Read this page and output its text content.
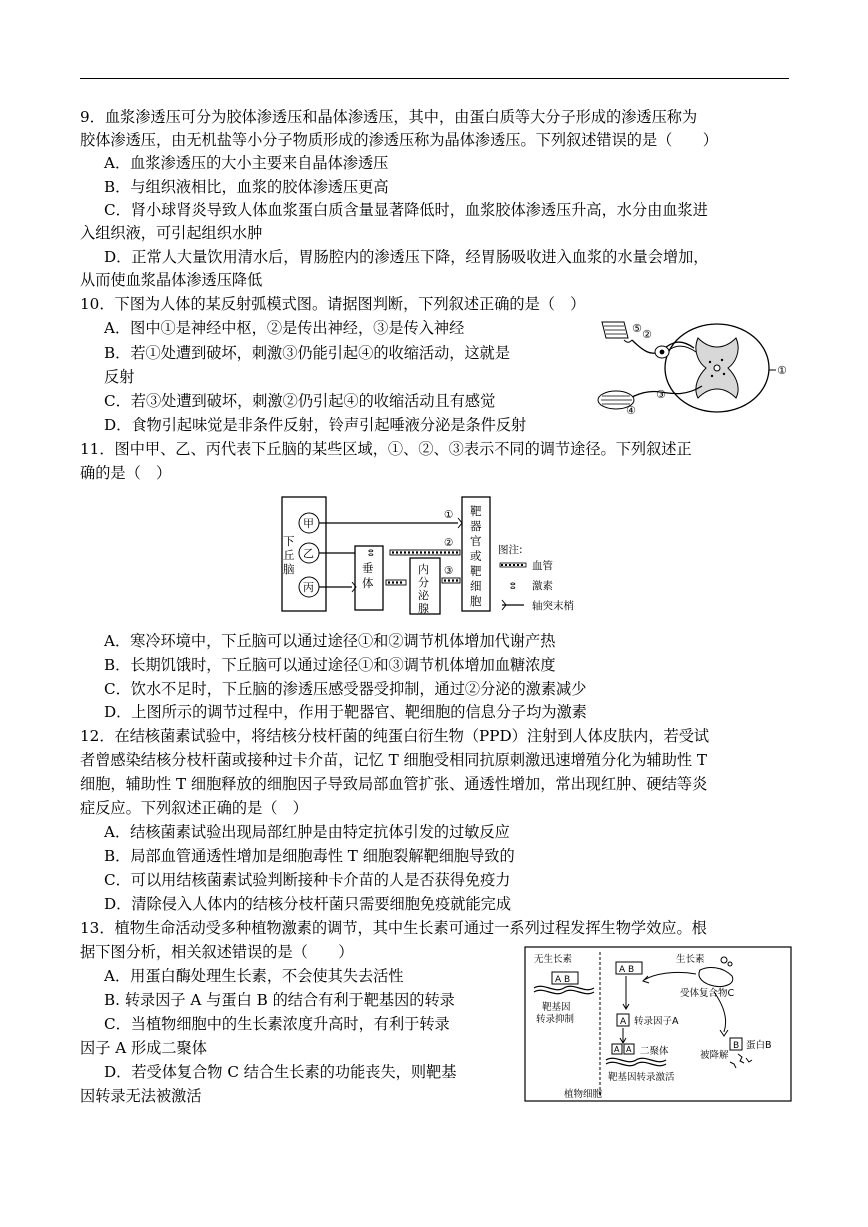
9．血浆渗透压可分为胶体渗透压和晶体渗透压，其中，由蛋白质等大分子形成的渗透压称为
胶体渗透压，由无机盐等小分子物质形成的渗透压称为晶体渗透压。下列叙述错误的是（　　）
A．血浆渗透压的大小主要来自晶体渗透压
B．与组织液相比，血浆的胶体渗透压更高
C．肾小球肾炎导致人体血浆蛋白质含量显著降低时，血浆胶体渗透压升高，水分由血浆进
入组织液，可引起组织水肿
D．正常人大量饮用清水后，胃肠腔内的渗透压下降，经胃肠吸收进入血浆的水量会增加，
从而使血浆晶体渗透压降低
10．下图为人体的某反射弧模式图。请据图判断，下列叙述正确的是（　）
A．图中①是神经中枢，②是传出神经，③是传入神经
B．若①处遭到破坏，刺激③仍能引起④的收缩活动，这就是
反射
C．若③处遭到破坏，刺激②仍引起④的收缩活动且有感觉
D．食物引起味觉是非条件反射，铃声引起唾液分泌是条件反射
⑤ ②
①
③
④
11．图中甲、乙、丙代表下丘脑的某些区域，①、②、③表示不同的调节途径。下列叙述正
确的是（　）
下
丘
脑
甲
乙
丙
①
垂
体
②
ⵓ
内
分
泌
腺
③
靶
器
官
或
靶
细
胞
图注:
血管
ⵓ 激素
轴突末梢
A．寒冷环境中，下丘脑可以通过途径①和②调节机体增加代谢产热
B．长期饥饿时，下丘脑可以通过途径①和③调节机体增加血糖浓度
C．饮水不足时，下丘脑的渗透压感受器受抑制，通过②分泌的激素减少
D．上图所示的调节过程中，作用于靶器官、靶细胞的信息分子均为激素
12．在结核菌素试验中，将结核分枝杆菌的纯蛋白衍生物（PPD）注射到人体皮肤内，若受试
者曾感染结核分枝杆菌或接种过卡介苗，记忆 T 细胞受相同抗原刺激迅速增殖分化为辅助性 T
细胞，辅助性 T 细胞释放的细胞因子导致局部血管扩张、通透性增加，常出现红肿、硬结等炎
症反应。下列叙述正确的是（　）
A．结核菌素试验出现局部红肿是由特定抗体引发的过敏反应
B．局部血管通透性增加是细胞毒性 T 细胞裂解靶细胞导致的
C．可以用结核菌素试验判断接种卡介苗的人是否获得免疫力
D．清除侵入人体内的结核分枝杆菌只需要细胞免疫就能完成
13．植物生命活动受多种植物激素的调节，其中生长素可通过一系列过程发挥生物学效应。根
据下图分析，相关叙述错误的是（　　）
A．用蛋白酶处理生长素，不会使其失去活性
B. 转录因子 A 与蛋白 B 的结合有利于靶基因的转录
C．当植物细胞中的生长素浓度升高时，有利于转录
因子 A 形成二聚体
D．若受体复合物 C 结合生长素的功能丧失，则靶基
因转录无法被激活
无生长素
A B
靶基因
转录抑制
A B
生长素
受体复合物C
A 转录因子A
A A 二聚体
靶基因转录激活
B 蛋白B
被降解
植物细胞
